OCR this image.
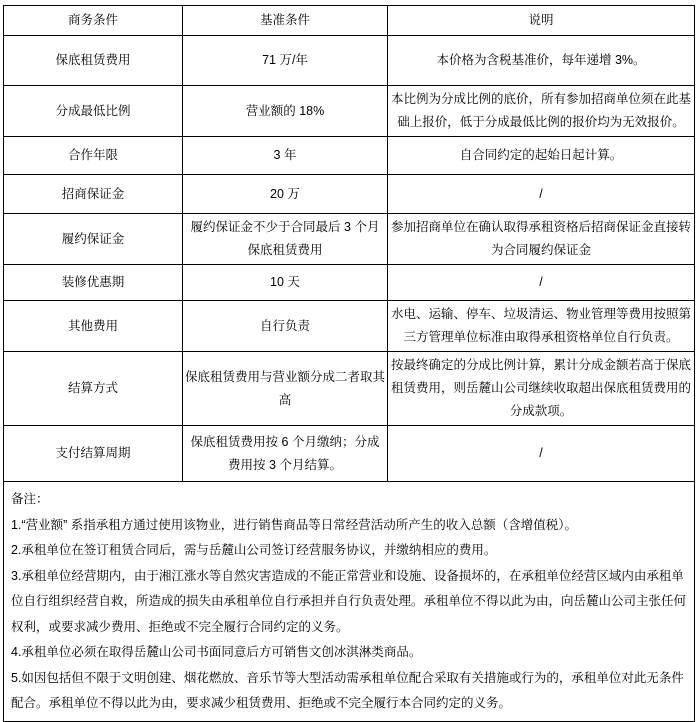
商务条件	基准条件	说明
保底租赁费用	71 万/年	本价格为含税基准价，每年递增 3%。
分成最低比例	营业额的 18%	本比例为分成比例的底价，所有参加招商单位须在此基础上报价，低于分成最低比例的报价均为无效报价。
合作年限	3 年	自合同约定的起始日起计算。
招商保证金	20 万	/
履约保证金	履约保证金不少于合同最后 3 个月保底租赁费用	参加招商单位在确认取得承租资格后招商保证金直接转为合同履约保证金
装修优惠期	10 天	/
其他费用	自行负责	水电、运输、停车、垃圾清运、物业管理等费用按照第三方管理单位标准由取得承租资格单位自行负责。
结算方式	保底租赁费用与营业额分成二者取其高	按最终确定的分成比例计算，累计分成金额若高于保底租赁费用，则岳麓山公司继续收取超出保底租赁费用的分成款项。
支付结算周期	保底租赁费用按 6 个月缴纳；分成费用按 3 个月结算。	/

备注：

1.“营业额” 系指承租方通过使用该物业，进行销售商品等日常经营活动所产生的收入总额（含增值税）。

2.承租单位在签订租赁合同后，需与岳麓山公司签订经营服务协议，并缴纳相应的费用。

3.承租单位经营期内，由于湘江涨水等自然灾害造成的不能正常营业和设施、设备损坏的，在承租单位经营区域内由承租单位自行组织经营自救，所造成的损失由承租单位自行承担并自行负责处理。承租单位不得以此为由，向岳麓山公司主张任何权利，或要求减少费用、拒绝或不完全履行合同约定的义务。

4.承租单位必须在取得岳麓山公司书面同意后方可销售文创冰淇淋类商品。

5.如因包括但不限于文明创建、烟花燃放、音乐节等大型活动需承租单位配合采取有关措施或行为的，承租单位对此无条件配合。承租单位不得以此为由，要求减少租赁费用、拒绝或不完全履行本合同约定的义务。
